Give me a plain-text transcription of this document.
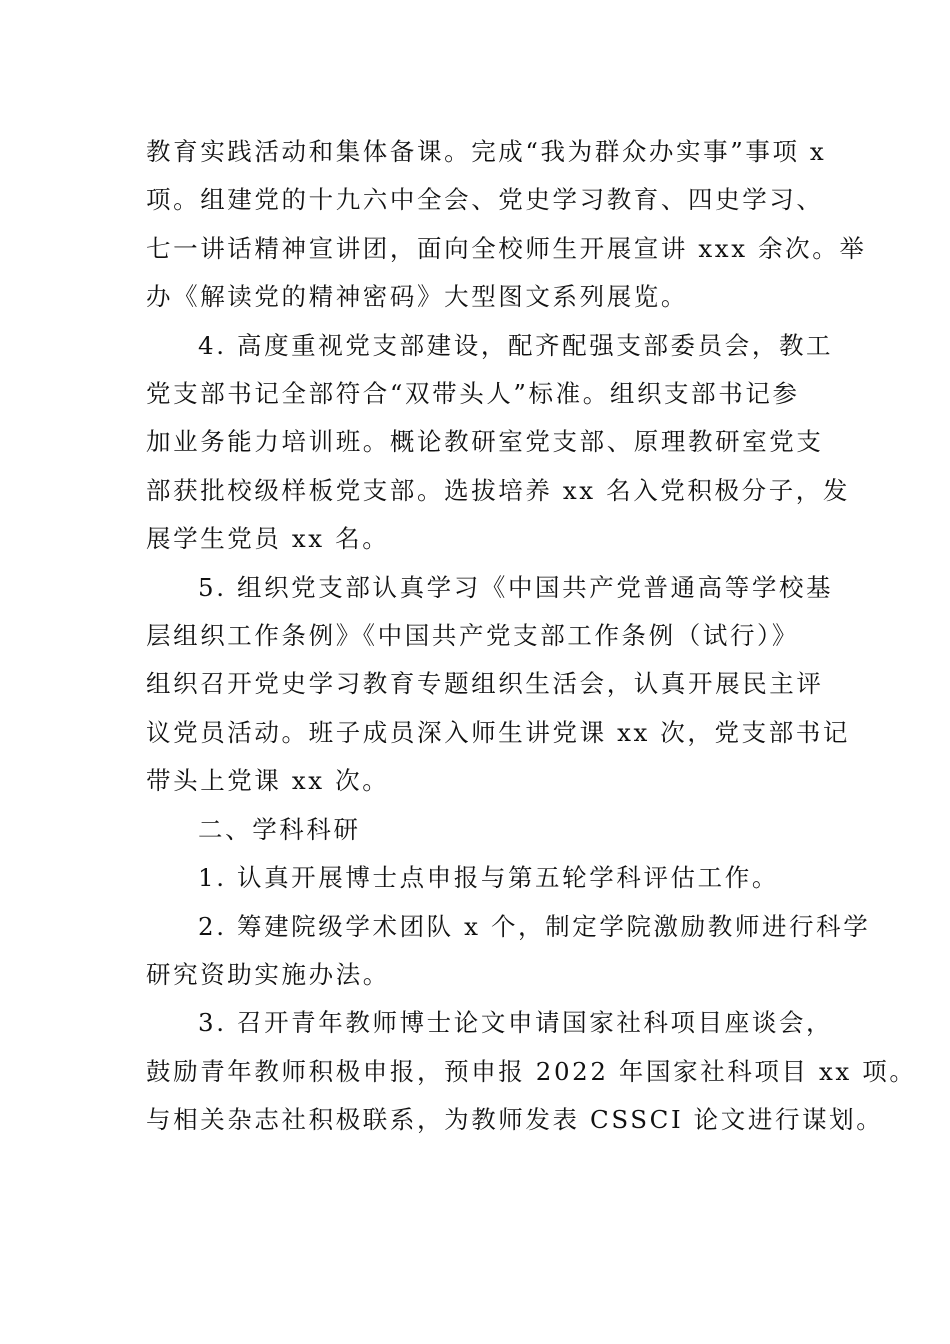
教育实践活动和集体备课。完成“我为群众办实事”事项 x
项。组建党的十九六中全会、党史学习教育、四史学习、
七一讲话精神宣讲团，面向全校师生开展宣讲 xxx 余次。举
办《解读党的精神密码》大型图文系列展览。
4. 高度重视党支部建设，配齐配强支部委员会，教工
党支部书记全部符合“双带头人”标准。组织支部书记参
加业务能力培训班。概论教研室党支部、原理教研室党支
部获批校级样板党支部。选拔培养 xx 名入党积极分子，发
展学生党员 xx 名。
5. 组织党支部认真学习《中国共产党普通高等学校基
层组织工作条例》《中国共产党支部工作条例（试行）》
组织召开党史学习教育专题组织生活会，认真开展民主评
议党员活动。班子成员深入师生讲党课 xx 次，党支部书记
带头上党课 xx 次。
二、学科科研
1. 认真开展博士点申报与第五轮学科评估工作。
2. 筹建院级学术团队 x 个，制定学院激励教师进行科学
研究资助实施办法。
3. 召开青年教师博士论文申请国家社科项目座谈会，
鼓励青年教师积极申报，预申报 2022 年国家社科项目 xx 项。
与相关杂志社积极联系，为教师发表 CSSCI 论文进行谋划。
